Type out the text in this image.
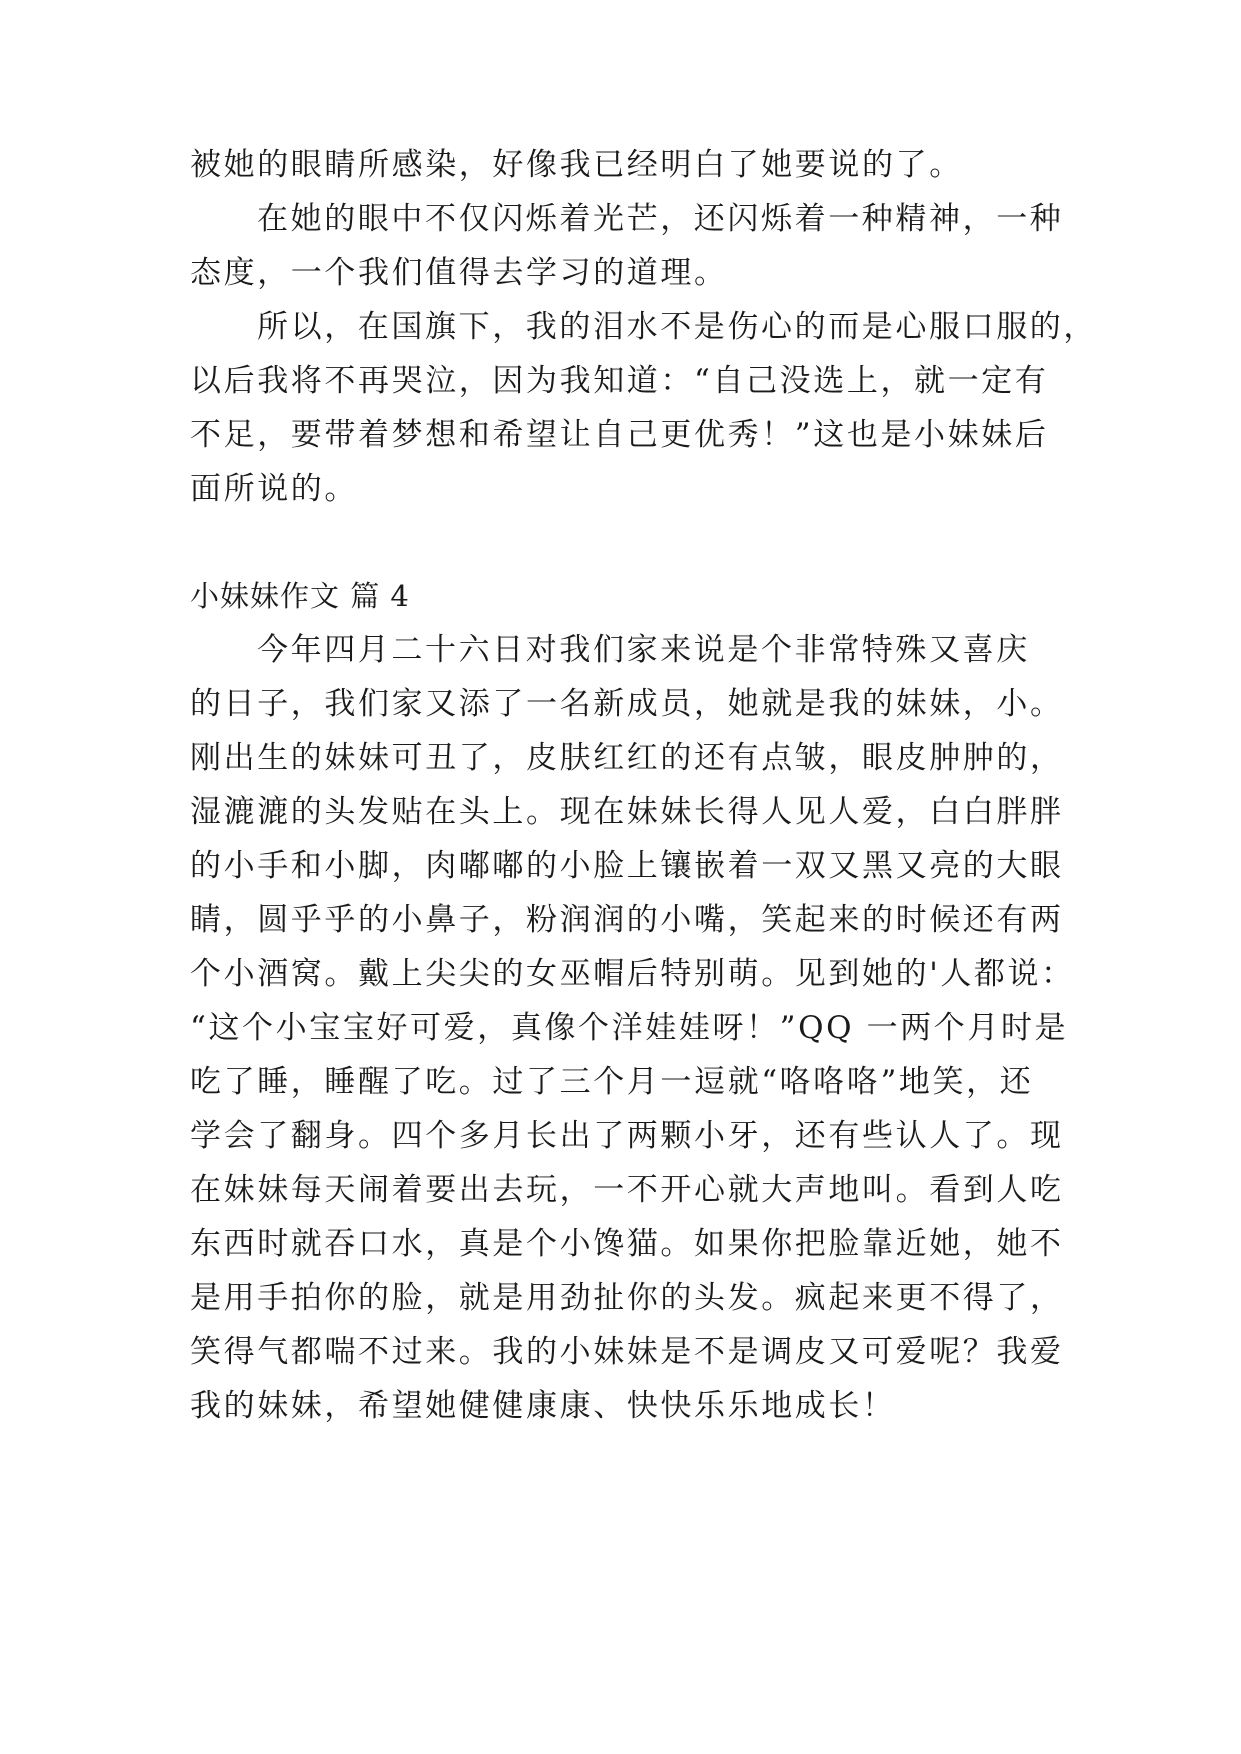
被她的眼睛所感染，好像我已经明白了她要说的了。
在她的眼中不仅闪烁着光芒，还闪烁着一种精神，一种
态度，一个我们值得去学习的道理。
所以，在国旗下，我的泪水不是伤心的而是心服口服的，
以后我将不再哭泣，因为我知道：“自己没选上，就一定有
不足，要带着梦想和希望让自己更优秀！”这也是小妹妹后
面所说的。
小妹妹作文 篇 4
今年四月二十六日对我们家来说是个非常特殊又喜庆
的日子，我们家又添了一名新成员，她就是我的妹妹，小。
刚出生的妹妹可丑了，皮肤红红的还有点皱，眼皮肿肿的，
湿漉漉的头发贴在头上。现在妹妹长得人见人爱，白白胖胖
的小手和小脚，肉嘟嘟的小脸上镶嵌着一双又黑又亮的大眼
睛，圆乎乎的小鼻子，粉润润的小嘴，笑起来的时候还有两
个小酒窝。戴上尖尖的女巫帽后特别萌。见到她的'人都说：
“这个小宝宝好可爱，真像个洋娃娃呀！”QQ 一两个月时是
吃了睡，睡醒了吃。过了三个月一逗就“咯咯咯”地笑，还
学会了翻身。四个多月长出了两颗小牙，还有些认人了。现
在妹妹每天闹着要出去玩，一不开心就大声地叫。看到人吃
东西时就吞口水，真是个小馋猫。如果你把脸靠近她，她不
是用手拍你的脸，就是用劲扯你的头发。疯起来更不得了，
笑得气都喘不过来。我的小妹妹是不是调皮又可爱呢？我爱
我的妹妹，希望她健健康康、快快乐乐地成长！
